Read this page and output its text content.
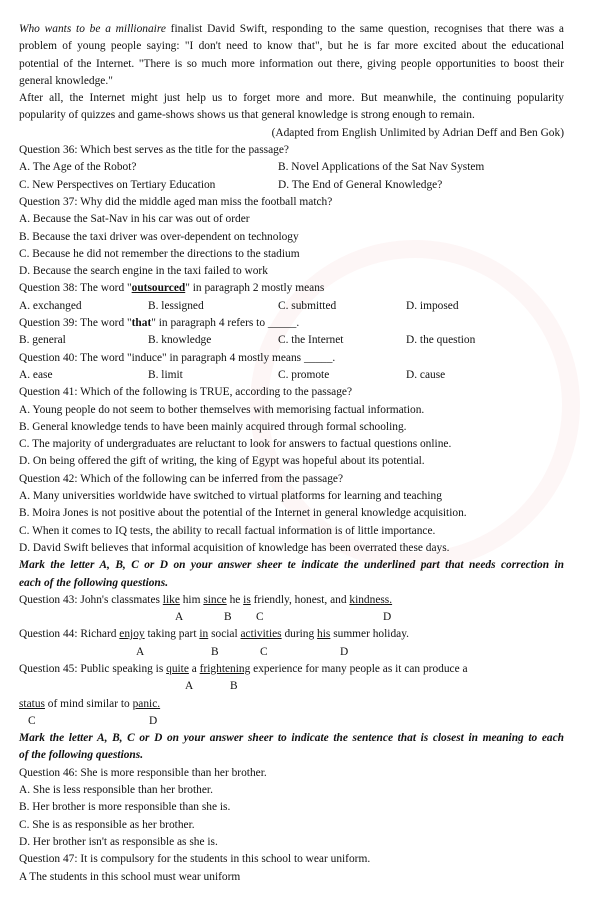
Who wants to be a millionaire finalist David Swift, responding to the same question, recognises that there was a
problem of young people saying: "I don't need to know that", but he is far more excited about the educational
potential of the Internet. "There is so much more information out there, giving people opportunities to boost their
general knowledge."
After all, the Internet might just help us to forget more and more. But meanwhile, the continuing popularity
popularity of quizzes and game-shows shows us that general knowledge is strong enough to remain.
(Adapted from English Unlimited by Adrian Deff and Ben Gok)
Question 36: Which best serves as the title for the passage?
A. The Age of the Robot?	B. Novel Applications of the Sat Nav System
C. New Perspectives on Tertiary Education	D. The End of General Knowledge?
Question 37: Why did the middle aged man miss the football match?
A. Because the Sat-Nav in his car was out of order
B. Because the taxi driver was over-dependent on technology
C. Because he did not remember the directions to the stadium
D. Because the search engine in the taxi failed to work
Question 38: The word "outsourced" in paragraph 2 mostly means
A. exchanged	B. lessigned	C. submitted	D. imposed
Question 39: The word "that" in paragraph 4 refers to _____.
B. general	B. knowledge	C. the Internet	D. the question
Question 40: The word "induce" in paragraph 4 mostly means _____.
A. ease	B. limit	C. promote	D. cause
Question 41: Which of the following is TRUE, according to the passage?
A. Young people do not seem to bother themselves with memorising factual information.
B. General knowledge tends to have been mainly acquired through formal schooling.
C. The majority of undergraduates are reluctant to look for answers to factual questions online.
D. On being offered the gift of writing, the king of Egypt was hopeful about its potential.
Question 42: Which of the following can be inferred from the passage?
A. Many universities worldwide have switched to virtual platforms for learning and teaching
B. Moira Jones is not positive about the potential of the Internet in general knowledge acquisition.
C. When it comes to IQ tests, the ability to recall factual information is of little importance.
D. David Swift believes that informal acquisition of knowledge has been overrated these days.
Mark the letter A, B, C or D on your answer sheer te indicate the underlined part that needs correction in
each of the following questions.
Question 43: John's classmates like him since he is friendly, honest, and kindness.
A	B C	D
Question 44: Richard enjoy taking part in social activities during his summer holiday.
A	B	C	D
Question 45: Public speaking is quite a frightening experience for many people as it can produce a
A	B
status of mind similar to panic.
C	D
Mark the letter A, B, C or D on your answer sheer to indicate the sentence that is closest in meaning to each
of the following questions.
Question 46: She is more responsible than her brother.
A. She is less responsible than her brother.
B. Her brother is more responsible than she is.
C. She is as responsible as her brother.
D. Her brother isn't as responsible as she is.
Question 47: It is compulsory for the students in this school to wear uniform.
A The students in this school must wear uniform
